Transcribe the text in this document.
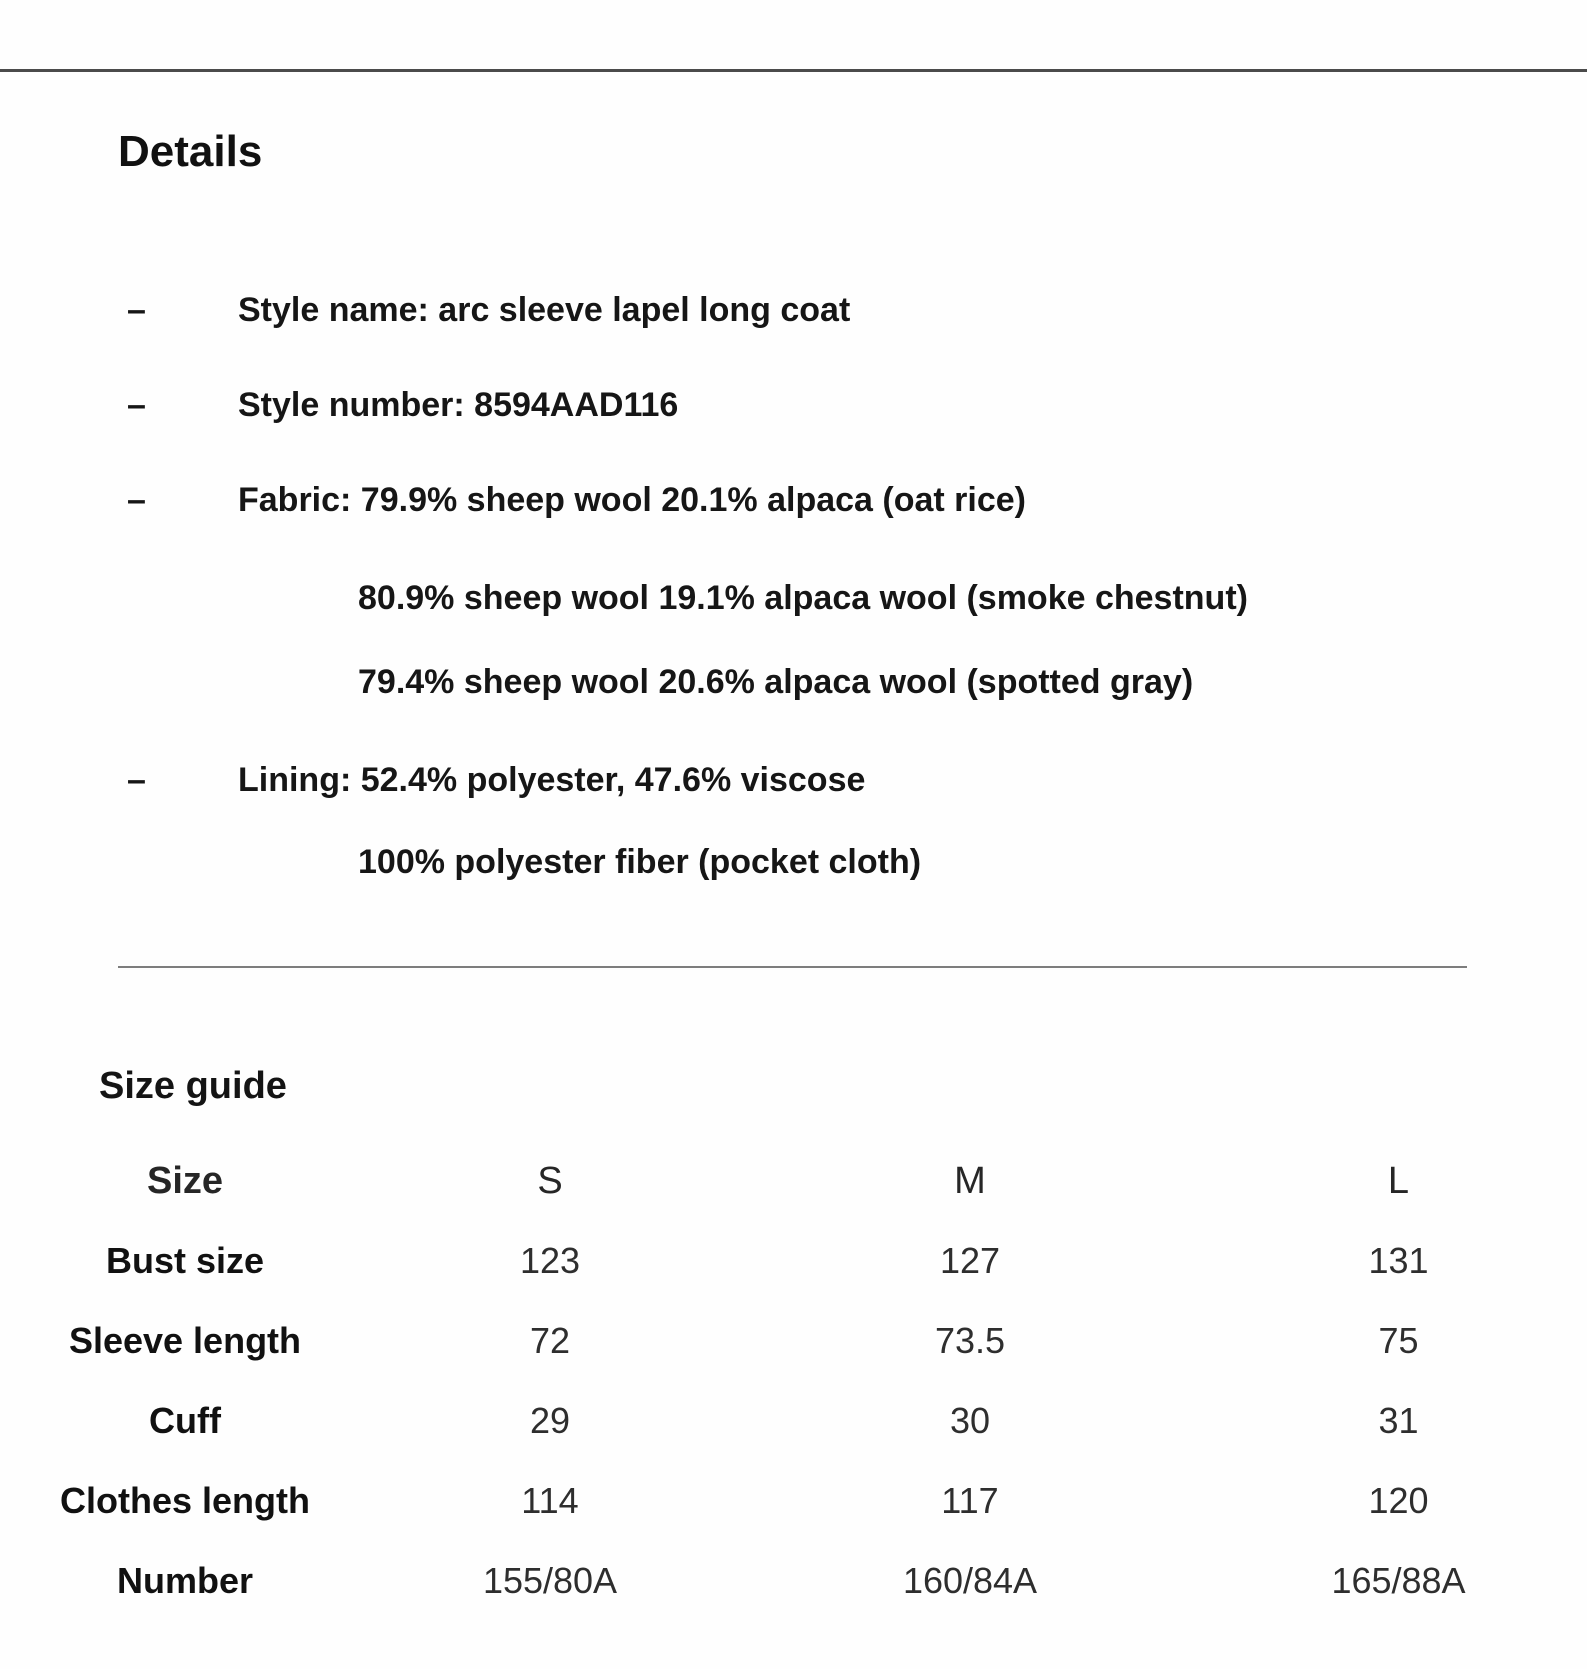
Details
–	Style name: arc sleeve lapel long coat
–	Style number: 8594AAD116
–	Fabric: 79.9% sheep wool 20.1% alpaca (oat rice)
80.9% sheep wool 19.1% alpaca wool (smoke chestnut)
79.4% sheep wool 20.6% alpaca wool (spotted gray)
–	Lining: 52.4% polyester, 47.6% viscose
100% polyester fiber (pocket cloth)
Size guide
Size	S	M	L
Bust size	123	127	131
Sleeve length	72	73.5	75
Cuff	29	30	31
Clothes length	114	117	120
Number	155/80A	160/84A	165/88A
